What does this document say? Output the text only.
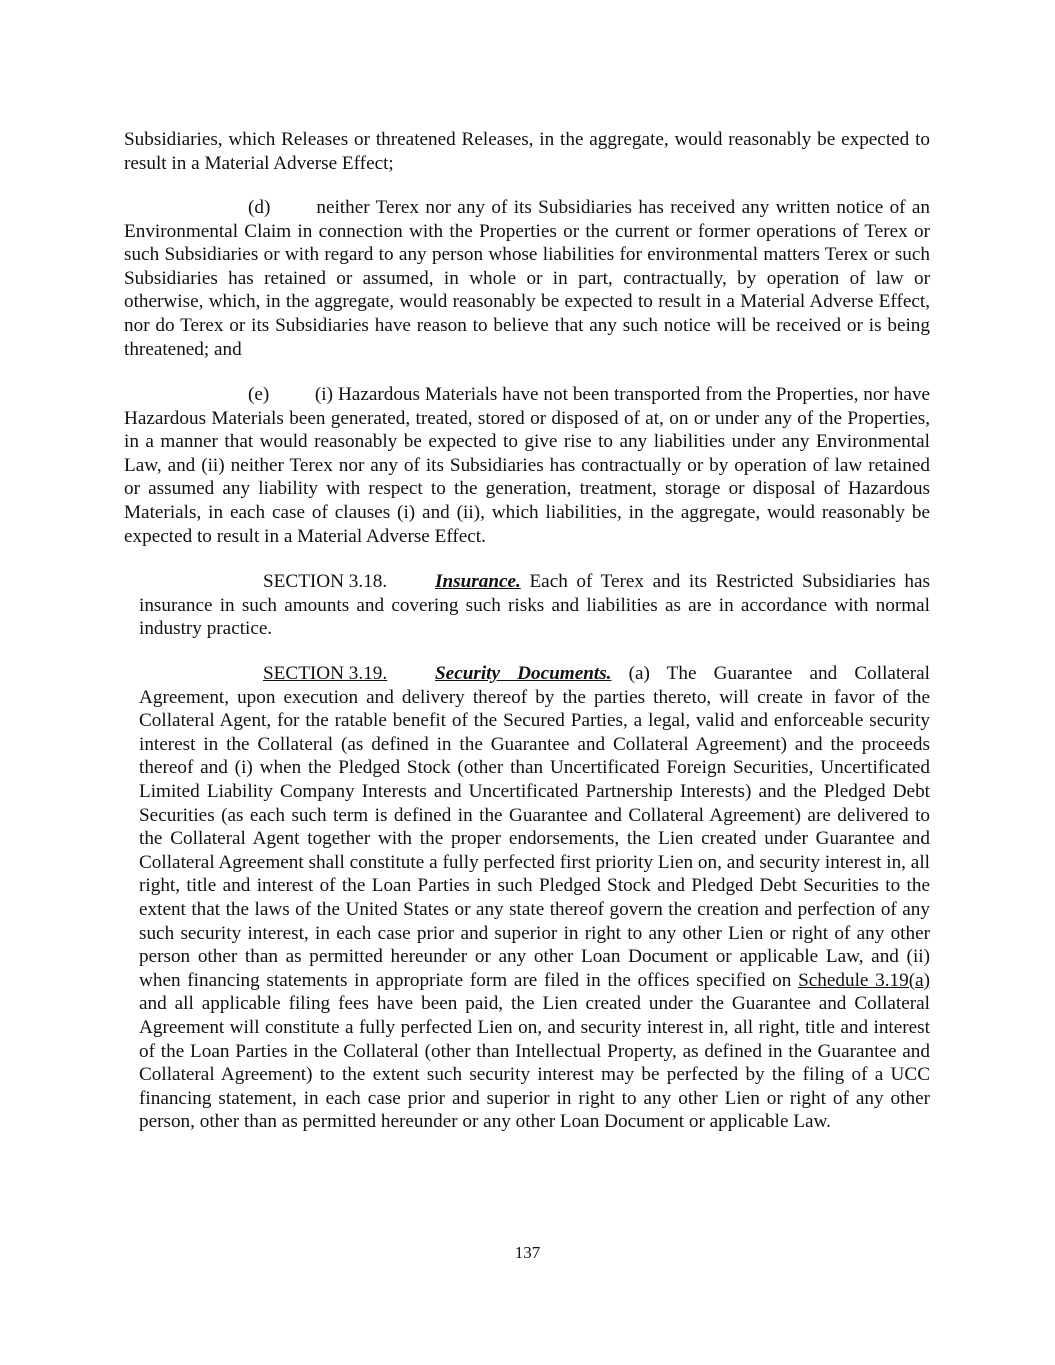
Subsidiaries, which Releases or threatened Releases, in the aggregate, would reasonably be expected to result in a Material Adverse Effect;

(d) neither Terex nor any of its Subsidiaries has received any written notice of an Environmental Claim in connection with the Properties or the current or former operations of Terex or such Subsidiaries or with regard to any person whose liabilities for environmental matters Terex or such Subsidiaries has retained or assumed, in whole or in part, contractually, by operation of law or otherwise, which, in the aggregate, would reasonably be expected to result in a Material Adverse Effect, nor do Terex or its Subsidiaries have reason to believe that any such notice will be received or is being threatened; and

(e) (i) Hazardous Materials have not been transported from the Properties, nor have Hazardous Materials been generated, treated, stored or disposed of at, on or under any of the Properties, in a manner that would reasonably be expected to give rise to any liabilities under any Environmental Law, and (ii) neither Terex nor any of its Subsidiaries has contractually or by operation of law retained or assumed any liability with respect to the generation, treatment, storage or disposal of Hazardous Materials, in each case of clauses (i) and (ii), which liabilities, in the aggregate, would reasonably be expected to result in a Material Adverse Effect.

SECTION 3.18. Insurance. Each of Terex and its Restricted Subsidiaries has insurance in such amounts and covering such risks and liabilities as are in accordance with normal industry practice.

SECTION 3.19. Security Documents. (a) The Guarantee and Collateral Agreement, upon execution and delivery thereof by the parties thereto, will create in favor of the Collateral Agent, for the ratable benefit of the Secured Parties, a legal, valid and enforceable security interest in the Collateral (as defined in the Guarantee and Collateral Agreement) and the proceeds thereof and (i) when the Pledged Stock (other than Uncertificated Foreign Securities, Uncertificated Limited Liability Company Interests and Uncertificated Partnership Interests) and the Pledged Debt Securities (as each such term is defined in the Guarantee and Collateral Agreement) are delivered to the Collateral Agent together with the proper endorsements, the Lien created under Guarantee and Collateral Agreement shall constitute a fully perfected first priority Lien on, and security interest in, all right, title and interest of the Loan Parties in such Pledged Stock and Pledged Debt Securities to the extent that the laws of the United States or any state thereof govern the creation and perfection of any such security interest, in each case prior and superior in right to any other Lien or right of any other person other than as permitted hereunder or any other Loan Document or applicable Law, and (ii) when financing statements in appropriate form are filed in the offices specified on Schedule 3.19(a) and all applicable filing fees have been paid, the Lien created under the Guarantee and Collateral Agreement will constitute a fully perfected Lien on, and security interest in, all right, title and interest of the Loan Parties in the Collateral (other than Intellectual Property, as defined in the Guarantee and Collateral Agreement) to the extent such security interest may be perfected by the filing of a UCC financing statement, in each case prior and superior in right to any other Lien or right of any other person, other than as permitted hereunder or any other Loan Document or applicable Law.

137
